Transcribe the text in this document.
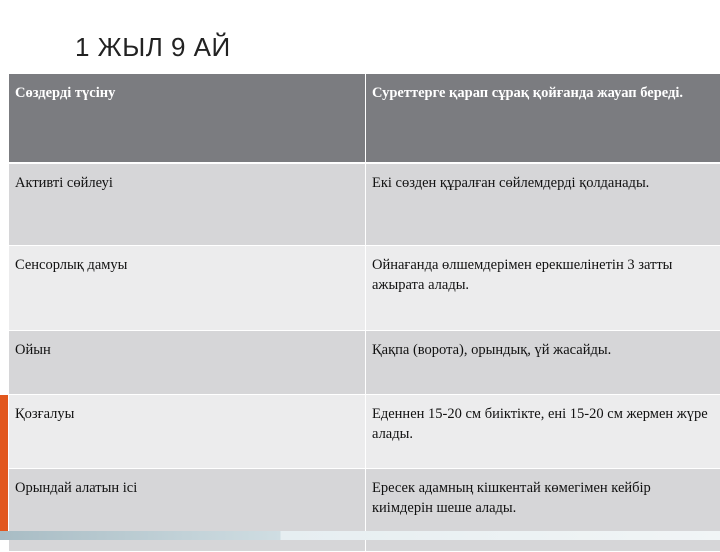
1 ЖЫЛ 9 АЙ
Сөздерді түсіну	Суреттерге қарап сұрақ қойғанда жауап береді.
Активті сөйлеуі	Екі сөзден құралған сөйлемдерді қолданады.
Сенсорлық дамуы	Ойнағанда өлшемдерімен ерекшелінетін 3 затты ажырата алады.
Ойын	Қақпа (ворота), орындық, үй жасайды.
Қозғалуы	Еденнен 15-20 см биіктікте, ені 15-20 см жермен жүре алады.
Орындай алатын ісі	Ересек адамның кішкентай көмегімен кейбір киімдерін шеше алады.
